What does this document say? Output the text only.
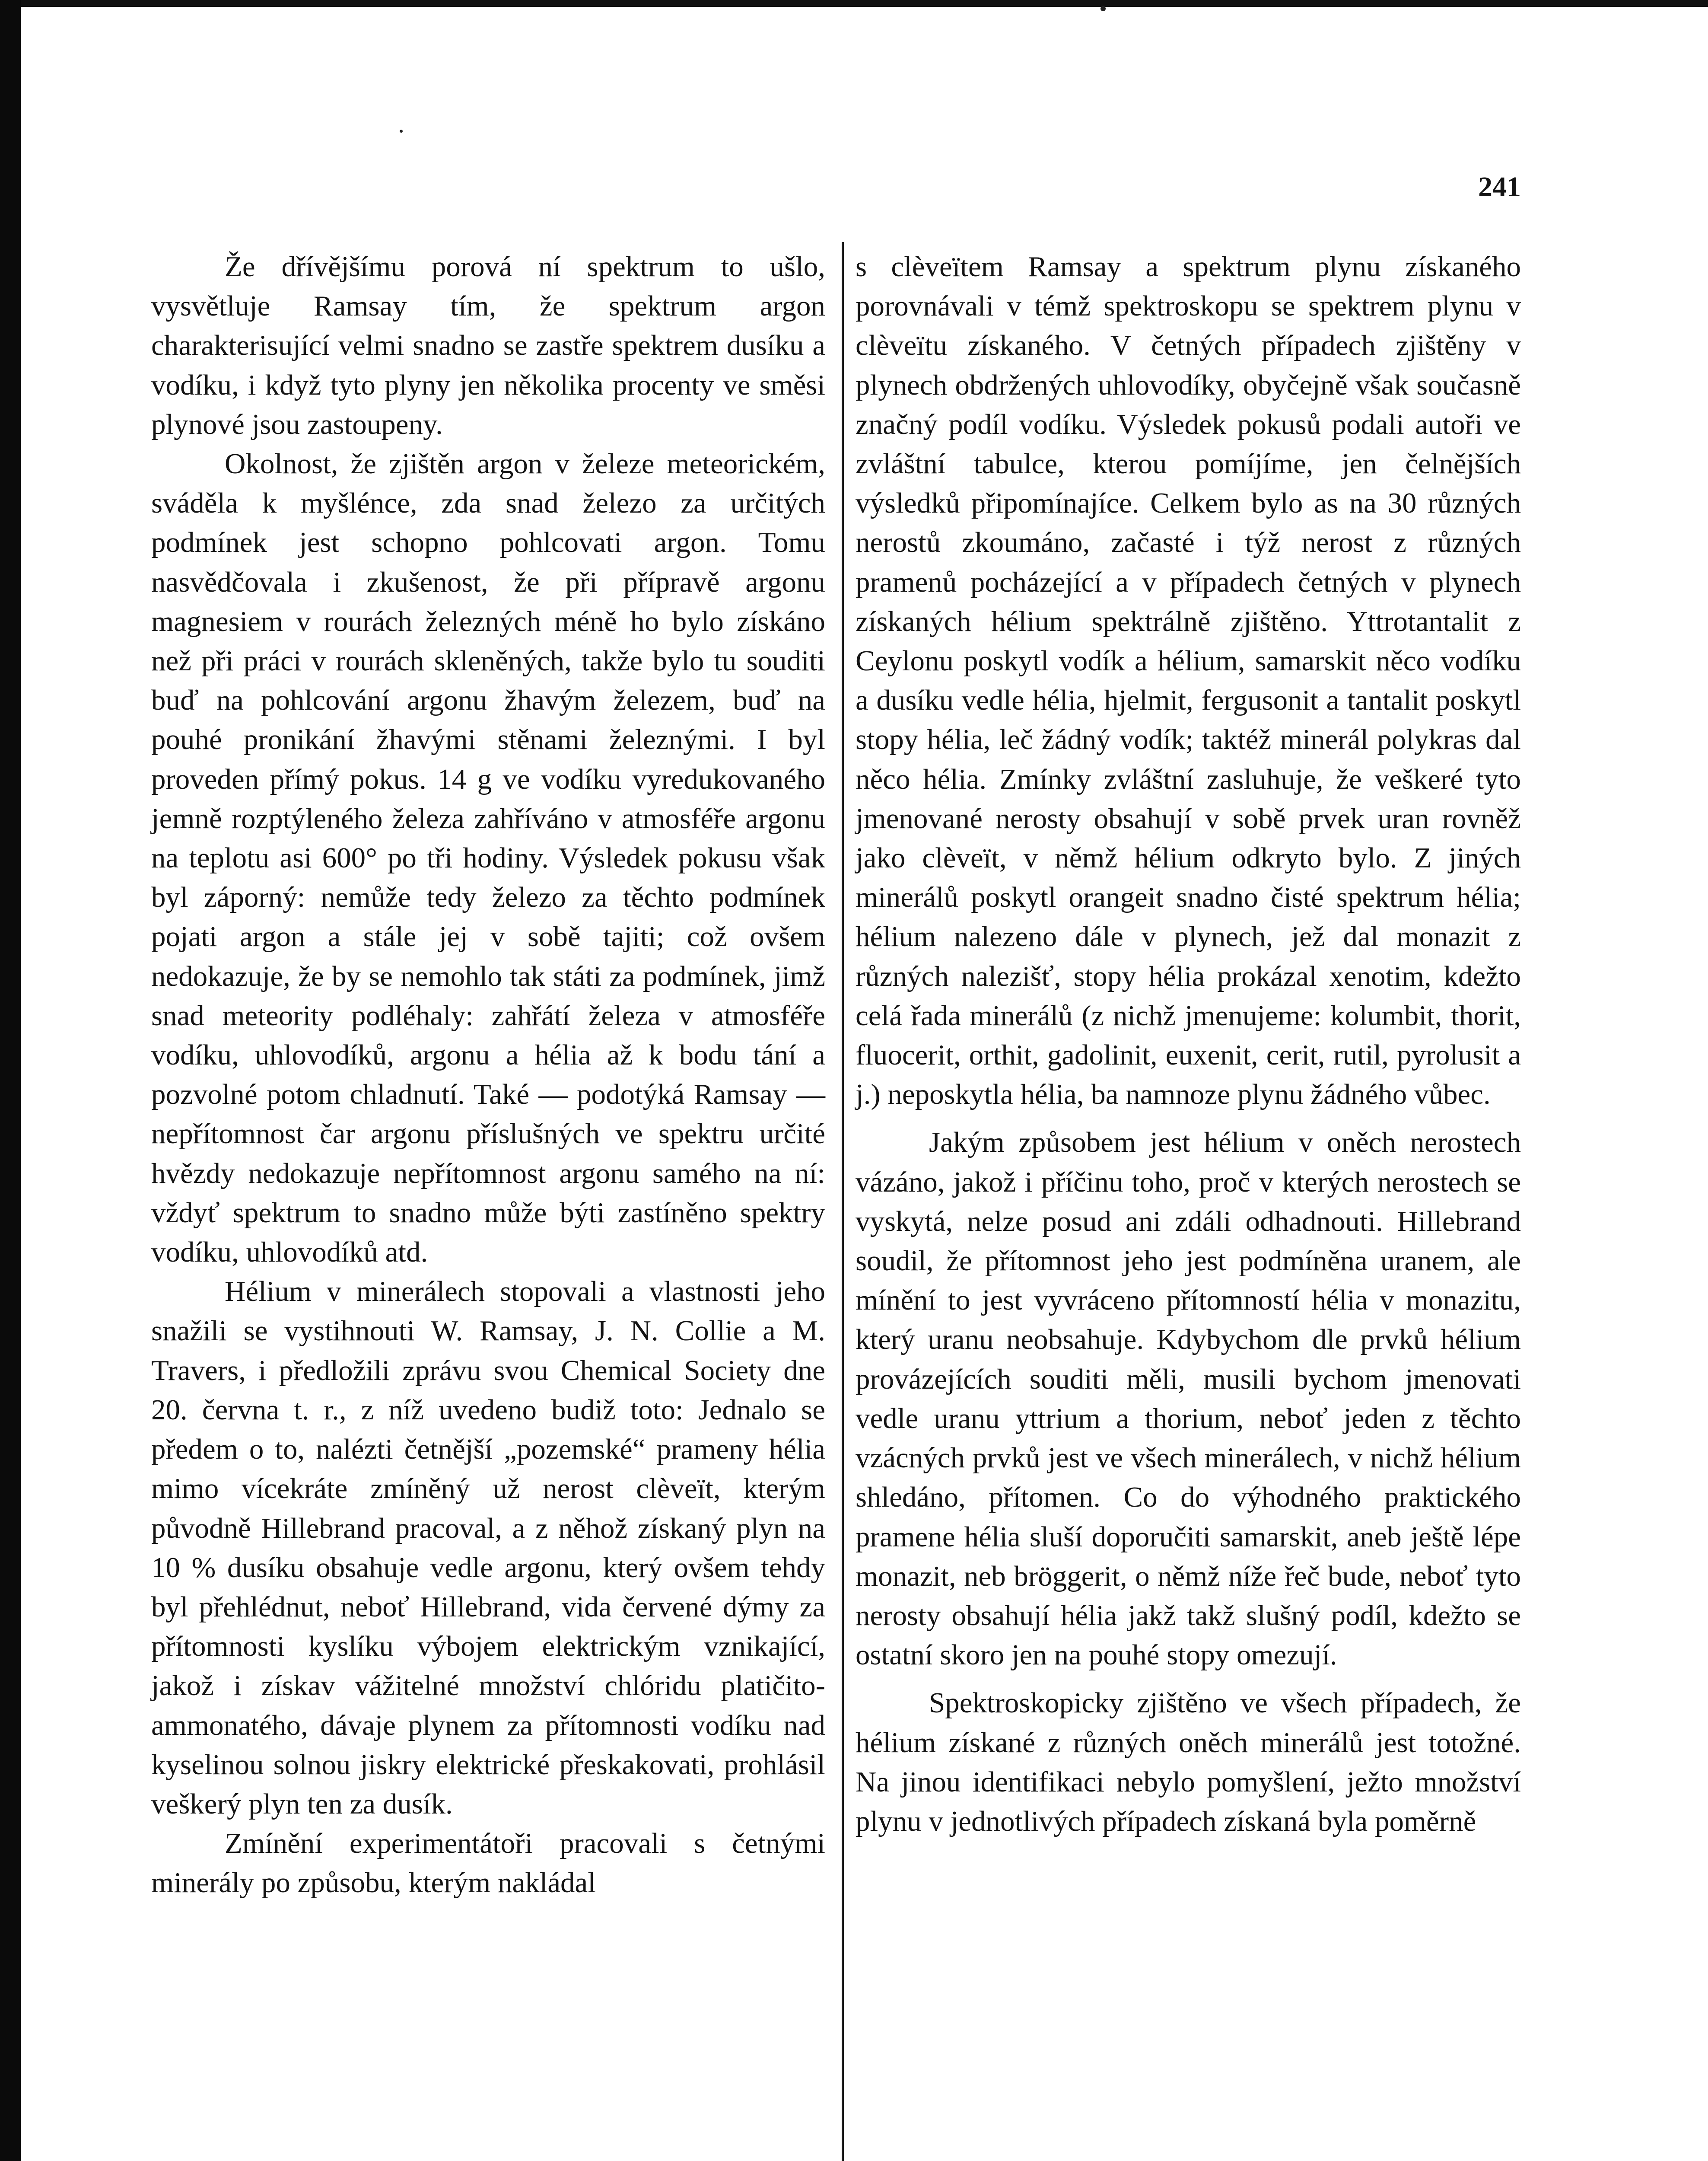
241

Že dřívějšímu porová ní spektrum to ušlo, vysvětluje Ramsay tím, že spektrum argon charakterisující velmi snadno se zastře spektrem dusíku a vodíku, i když tyto plyny jen několika procenty ve směsi plynové jsou zastoupeny.

Okolnost, že zjištěn argon v železe meteorickém, sváděla k myšlénce, zda snad železo za určitých podmínek jest schopno pohlcovati argon. Tomu nasvědčovala i zkušenost, že při přípravě argonu magnesiem v rourách železných méně ho bylo získáno než při práci v rourách skleněných, takže bylo tu souditi buď na pohlcování argonu žhavým železem, buď na pouhé pronikání žhavými stěnami železnými. I byl proveden přímý pokus. 14 g ve vodíku vyredukovaného jemně rozptýleného železa zahříváno v atmosféře argonu na teplotu asi 600° po tři hodiny. Výsledek pokusu však byl záporný: nemůže tedy železo za těchto podmínek pojati argon a stále jej v sobě tajiti; což ovšem nedokazuje, že by se nemohlo tak státi za podmínek, jimž snad meteority podléhaly: zahřátí železa v atmosféře vodíku, uhlovodíků, argonu a hélia až k bodu tání a pozvolné potom chladnutí. Také — podotýká Ramsay — nepřítomnost čar argonu příslušných ve spektru určité hvězdy nedokazuje nepřítomnost argonu samého na ní: vždyť spektrum to snadno může býti zastíněno spektry vodíku, uhlovodíků atd.

Hélium v minerálech stopovali a vlastnosti jeho snažili se vystihnouti W. Ramsay, J. N. Collie a M. Travers, i předložili zprávu svou Chemical Society dne 20. června t. r., z níž uvedeno budiž toto: Jednalo se předem o to, nalézti četnější „pozemské“ prameny hélia mimo vícekráte zmíněný už nerost clèveït, kterým původně Hillebrand pracoval, a z něhož získaný plyn na 10 % dusíku obsahuje vedle argonu, který ovšem tehdy byl přehlédnut, neboť Hillebrand, vida červené dýmy za přítomnosti kyslíku výbojem elektrickým vznikající, jakož i získav vážitelné množství chlóridu platičito-ammonatého, dávaje plynem za přítomnosti vodíku nad kyselinou solnou jiskry elektrické přeskakovati, prohlásil veškerý plyn ten za dusík.

Zmínění experimentátoři pracovali s četnými minerály po způsobu, kterým nakládal

s clèveïtem Ramsay a spektrum plynu získaného porovnávali v témž spektroskopu se spektrem plynu v clèveïtu získaného. V četných případech zjištěny v plynech obdržených uhlovodíky, obyčejně však současně značný podíl vodíku. Výsledek pokusů podali autoři ve zvláštní tabulce, kterou pomíjíme, jen čelnějších výsledků připomínajíce. Celkem bylo as na 30 různých nerostů zkoumáno, začasté i týž nerost z různých pramenů pocházející a v případech četných v plynech získaných hélium spektrálně zjištěno. Yttrotantalit z Ceylonu poskytl vodík a hélium, samarskit něco vodíku a dusíku vedle hélia, hjelmit, fergusonit a tantalit poskytl stopy hélia, leč žádný vodík; taktéž minerál polykras dal něco hélia. Zmínky zvláštní zasluhuje, že veškeré tyto jmenované nerosty obsahují v sobě prvek uran rovněž jako clèveït, v němž hélium odkryto bylo. Z jiných minerálů poskytl orangeit snadno čisté spektrum hélia; hélium nalezeno dále v plynech, jež dal monazit z různých nalezišť, stopy hélia prokázal xenotim, kdežto celá řada minerálů (z nichž jmenujeme: kolumbit, thorit, fluocerit, orthit, gadolinit, euxenit, cerit, rutil, pyrolusit a j.) neposkytla hélia, ba namnoze plynu žádného vůbec.

Jakým způsobem jest hélium v oněch nerostech vázáno, jakož i příčinu toho, proč v kterých nerostech se vyskytá, nelze posud ani zdáli odhadnouti. Hillebrand soudil, že přítomnost jeho jest podmíněna uranem, ale mínění to jest vyvráceno přítomností hélia v monazitu, který uranu neobsahuje. Kdybychom dle prvků hélium provázejících souditi měli, musili bychom jmenovati vedle uranu yttrium a thorium, neboť jeden z těchto vzácných prvků jest ve všech minerálech, v nichž hélium shledáno, přítomen. Co do výhodného praktického pramene hélia sluší doporučiti samarskit, aneb ještě lépe monazit, neb bröggerit, o němž níže řeč bude, neboť tyto nerosty obsahují hélia jakž takž slušný podíl, kdežto se ostatní skoro jen na pouhé stopy omezují.

Spektroskopicky zjištěno ve všech případech, že hélium získané z různých oněch minerálů jest totožné. Na jinou identifikaci nebylo pomyšlení, ježto množství plynu v jednotlivých případech získaná byla poměrně
